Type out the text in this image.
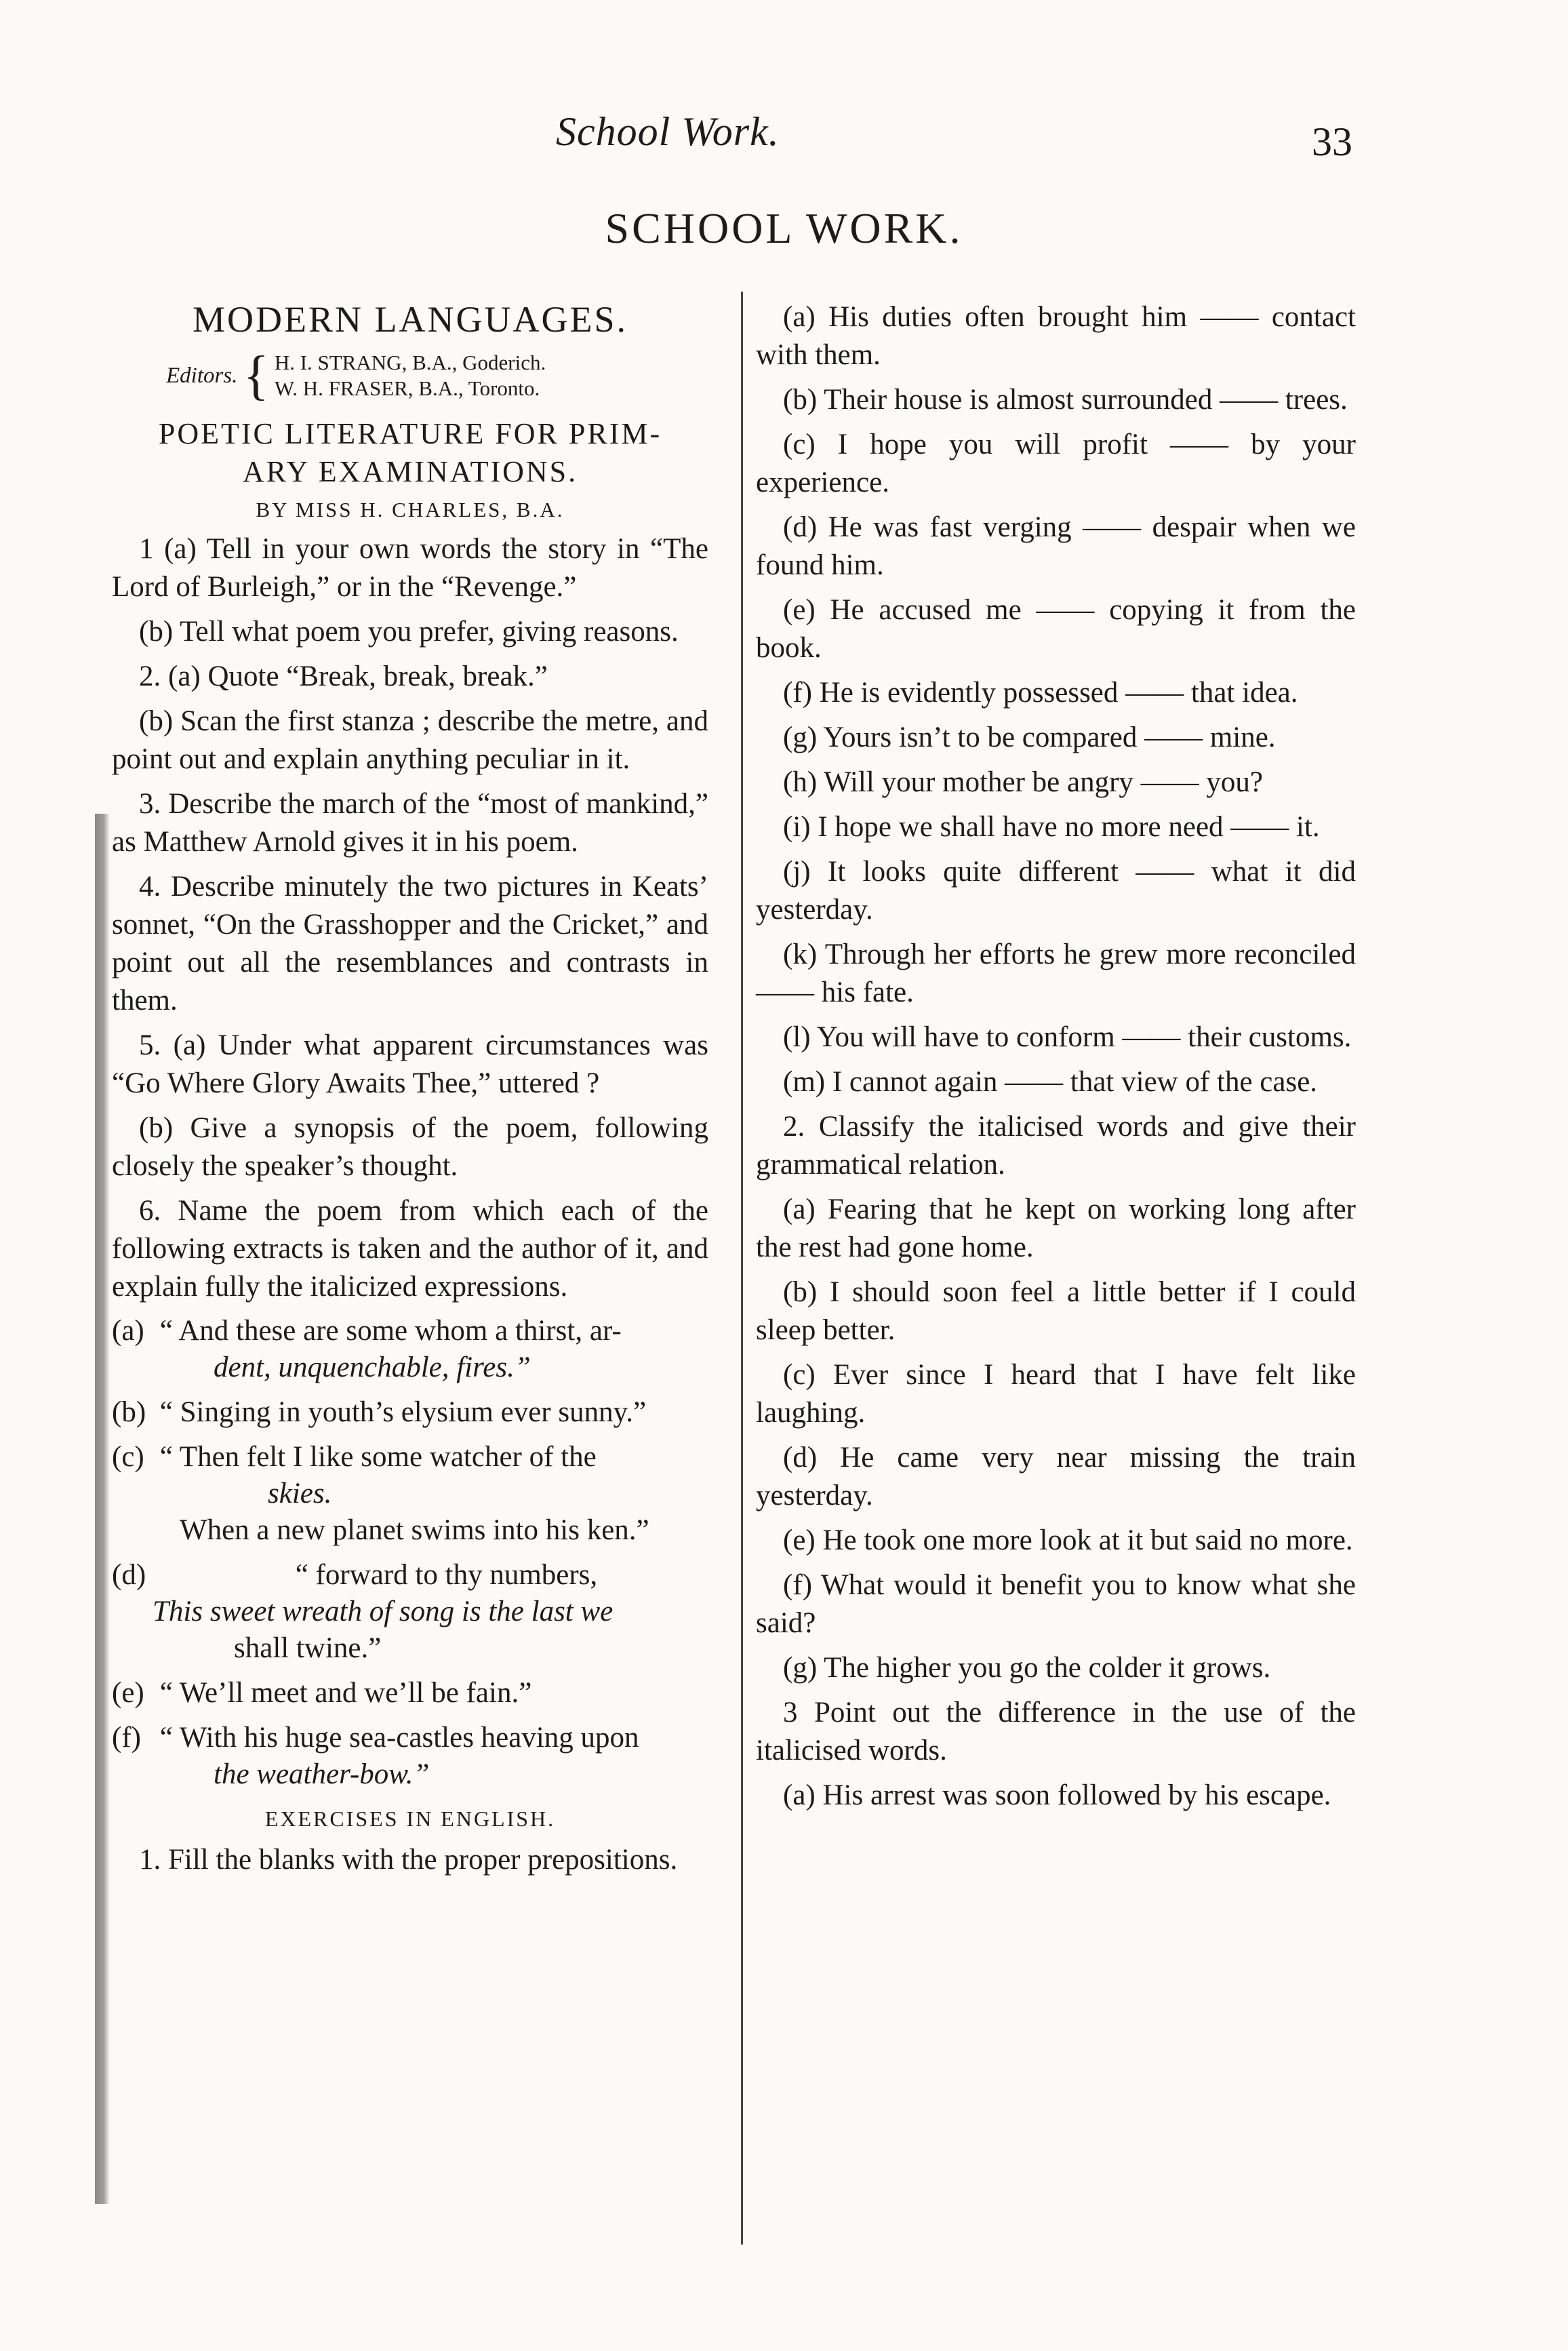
School Work.	33
SCHOOL WORK.
MODERN LANGUAGES.
Editors. { H. I. STRANG, B.A., Goderich.
W. H. FRASER, B.A., Toronto.
POETIC LITERATURE FOR PRIM-
ARY EXAMINATIONS.
BY MISS H. CHARLES, B.A.

1 (a) Tell in your own words the story in “The Lord of Burleigh,” or in the “Revenge.”

(b) Tell what poem you prefer, giving reasons.

2. (a) Quote “Break, break, break.”

(b) Scan the first stanza ; describe the metre, and point out and explain anything peculiar in it.

3. Describe the march of the “most of mankind,” as Matthew Arnold gives it in his poem.

4. Describe minutely the two pictures in Keats’ sonnet, “On the Grasshopper and the Cricket,” and point out all the resemblances and contrasts in them.

5. (a) Under what apparent circumstances was “Go Where Glory Awaits Thee,” uttered ?

(b) Give a synopsis of the poem, following closely the speaker’s thought.

6. Name the poem from which each of the following extracts is taken and the author of it, and explain fully the italicized expressions.

(a) “ And these are some whom a thirst, ar-
dent, unquenchable, fires.”
(b) “ Singing in youth’s elysium ever sunny.”
(c) “ Then felt I like some watcher of the
skies.
When a new planet swims into his ken.”
(d)	“ forward to thy numbers,
This sweet wreath of song is the last we
shall twine.”
(e) “ We’ll meet and we’ll be fain.”
(f) “ With his huge sea-castles heaving upon
the weather-bow.”
EXERCISES IN ENGLISH.

1. Fill the blanks with the proper prepositions.

(a) His duties often brought him —— contact with them.

(b) Their house is almost surrounded —— trees.

(c) I hope you will profit —— by your experience.

(d) He was fast verging —— despair when we found him.

(e) He accused me —— copying it from the book.

(f) He is evidently possessed —— that idea.

(g) Yours isn’t to be compared —— mine.

(h) Will your mother be angry —— you?

(i) I hope we shall have no more need —— it.

(j) It looks quite different —— what it did yesterday.

(k) Through her efforts he grew more reconciled —— his fate.

(l) You will have to conform —— their customs.

(m) I cannot again —— that view of the case.

2. Classify the italicised words and give their grammatical relation.

(a) Fearing that he kept on working long after the rest had gone home.

(b) I should soon feel a little better if I could sleep better.

(c) Ever since I heard that I have felt like laughing.

(d) He came very near missing the train yesterday.

(e) He took one more look at it but said no more.

(f) What would it benefit you to know what she said?

(g) The higher you go the colder it grows.

3 Point out the difference in the use of the italicised words.

(a) His arrest was soon followed by his escape.
